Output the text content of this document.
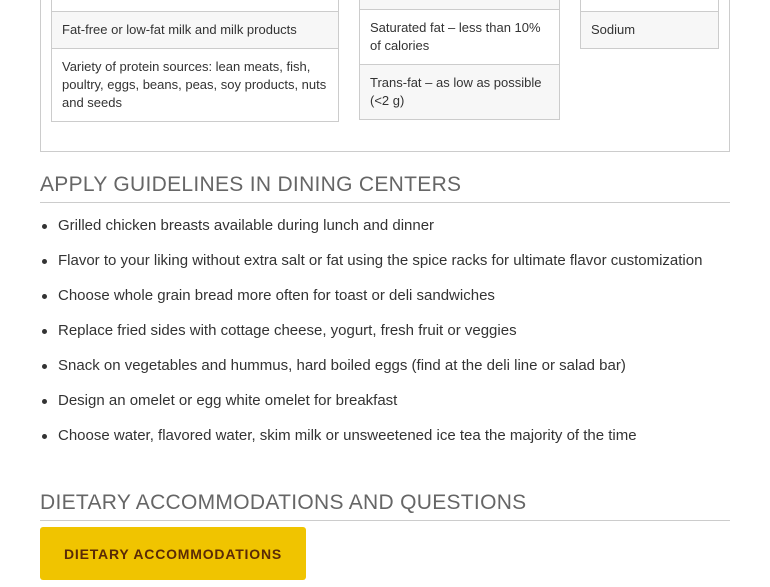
Fat-free or low-fat milk and milk products
Variety of protein sources: lean meats, fish, poultry, eggs, beans, peas, soy products, nuts and seeds
Saturated fat – less than 10% of calories
Trans-fat – as low as possible (<2 g)
Sodium
APPLY GUIDELINES IN DINING CENTERS
Grilled chicken breasts available during lunch and dinner
Flavor to your liking without extra salt or fat using the spice racks for ultimate flavor customization
Choose whole grain bread more often for toast or deli sandwiches
Replace fried sides with cottage cheese, yogurt, fresh fruit or veggies
Snack on vegetables and hummus, hard boiled eggs (find at the deli line or salad bar)
Design an omelet or egg white omelet for breakfast
Choose water, flavored water, skim milk or unsweetened ice tea the majority of the time
DIETARY ACCOMMODATIONS AND QUESTIONS
DIETARY ACCOMMODATIONS
